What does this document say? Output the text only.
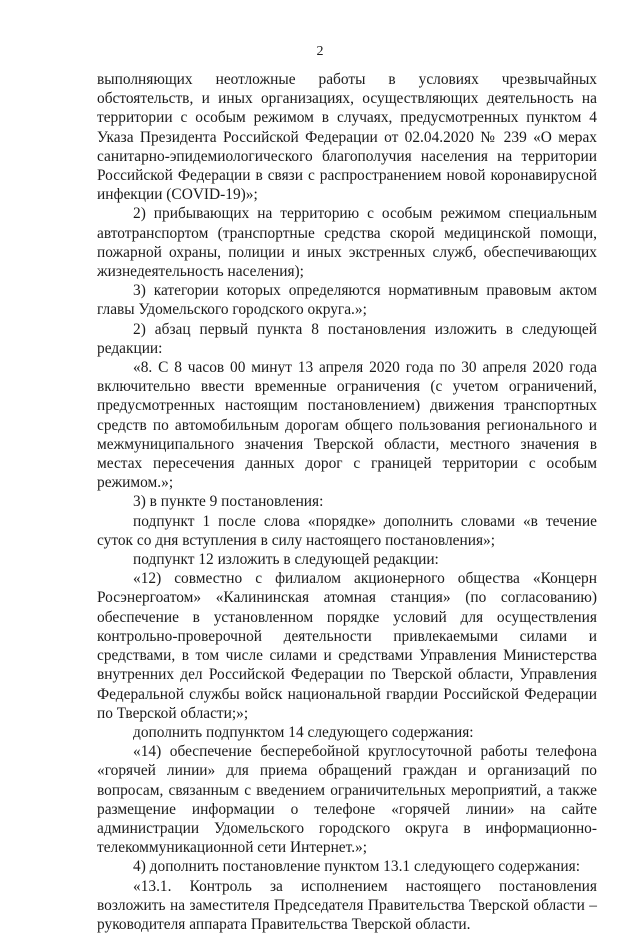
2

выполняющих неотложные работы в условиях чрезвычайных обстоятельств, и иных организациях, осуществляющих деятельность на территории с особым режимом в случаях, предусмотренных пунктом 4 Указа Президента Российской Федерации от 02.04.2020 № 239 «О мерах санитарно-эпидемиологического благополучия населения на территории Российской Федерации в связи с распространением новой коронавирусной инфекции (COVID-19)»;

2) прибывающих на территорию с особым режимом специальным автотранспортом (транспортные средства скорой медицинской помощи, пожарной охраны, полиции и иных экстренных служб, обеспечивающих жизнедеятельность населения);

3) категории которых определяются нормативным правовым актом главы Удомельского городского округа.»;

2) абзац первый пункта 8 постановления изложить в следующей редакции:

«8. С 8 часов 00 минут 13 апреля 2020 года по 30 апреля 2020 года включительно ввести временные ограничения (с учетом ограничений, предусмотренных настоящим постановлением) движения транспортных средств по автомобильным дорогам общего пользования регионального и межмуниципального значения Тверской области, местного значения в местах пересечения данных дорог с границей территории с особым режимом.»;

3) в пункте 9 постановления:

подпункт 1 после слова «порядке» дополнить словами «в течение суток со дня вступления в силу настоящего постановления»;

подпункт 12 изложить в следующей редакции:

«12) совместно с филиалом акционерного общества «Концерн Росэнергоатом» «Калининская атомная станция» (по согласованию) обеспечение в установленном порядке условий для осуществления контрольно-проверочной деятельности привлекаемыми силами и средствами, в том числе силами и средствами Управления Министерства внутренних дел Российской Федерации по Тверской области, Управления Федеральной службы войск национальной гвардии Российской Федерации по Тверской области;»;

дополнить подпунктом 14 следующего содержания:

«14) обеспечение бесперебойной круглосуточной работы телефона «горячей линии» для приема обращений граждан и организаций по вопросам, связанным с введением ограничительных мероприятий, а также размещение информации о телефоне «горячей линии» на сайте администрации Удомельского городского округа в информационно-телекоммуникационной сети Интернет.»;

4) дополнить постановление пунктом 13.1 следующего содержания:

«13.1. Контроль за исполнением настоящего постановления возложить на заместителя Председателя Правительства Тверской области – руководителя аппарата Правительства Тверской области.
